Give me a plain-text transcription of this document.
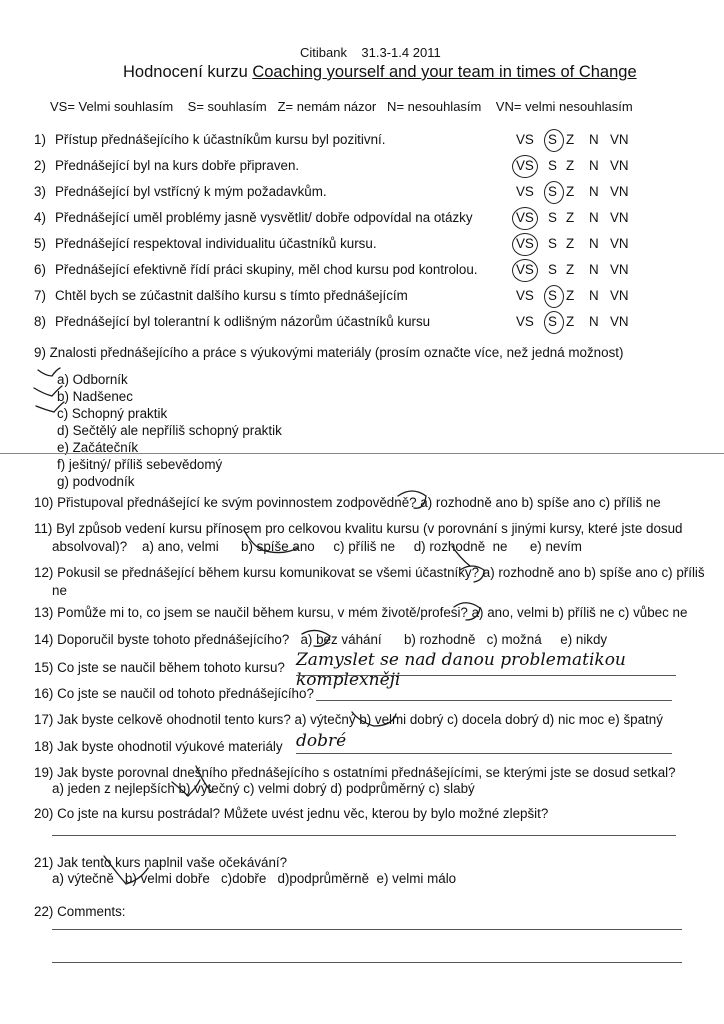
Citibank 31.3-1.4 2011
Hodnocení kurzu Coaching yourself and your team in times of Change
VS= Velmi souhlasím    S= souhlasím   Z= nemám názor   N= nesouhlasím    VN= velmi nesouhlasím
1) Přístup přednášejícího k účastníkům kursu byl pozitivní.	VS S Z N VN
2) Přednášející byl na kurs dobře připraven.	VS S Z N VN
3) Přednášející byl vstřícný k mým požadavkům.	VS S Z N VN
4) Přednášející uměl problémy jasně vysvětlit/ dobře odpovídal na otázky	VS S Z N VN
5) Přednášející respektoval individualitu účastníků kursu.	VS S Z N VN
6) Přednášející efektivně řídí práci skupiny, měl chod kursu pod kontrolou.	VS S Z N VN
7) Chtěl bych se zúčastnit dalšího kursu s tímto přednášejícím	VS S Z N VN
8) Přednášející byl tolerantní k odlišným názorům účastníků kursu	VS S Z N VN
9) Znalosti přednášejícího a práce s výukovými materiály (prosím označte více, než jedná možnost)
a) Odborník
b) Nadšenec
c) Schopný praktik
d) Sečtělý ale nepříliš schopný praktik
e) Začátečník
f) ješitný/ příliš sebevědomý
g) podvodník
10) Přistupoval přednášející ke svým povinnostem zodpovědně? a) rozhodně ano b) spíše ano c) příliš ne
11) Byl způsob vedení kursu přínosem pro celkovou kvalitu kursu (v porovnání s jinými kursy, které jste dosud
absolvoval)?    a) ano, velmi      b) spíše ano     c) příliš ne     d) rozhodně  ne      e) nevím
12) Pokusil se přednášející během kursu komunikovat se všemi účastníky? a) rozhodně ano b) spíše ano c) příliš
ne
13) Pomůže mi to, co jsem se naučil během kursu, v mém životě/profesi? a) ano, velmi b) příliš ne c) vůbec ne
14) Doporučil byste tohoto přednášejícího?   a) bez váhání      b) rozhodně   c) možná     e) nikdy
15) Co jste se naučil během tohoto kursu? Zamyslet se nad danou problematikou komplexněji
16) Co jste se naučil od tohoto přednášejícího?
17) Jak byste celkově ohodnotil tento kurs? a) výtečný b) velmi dobrý c) docela dobrý d) nic moc e) špatný
18) Jak byste ohodnotil výukové materiály dobré
19) Jak byste porovnal dnešního přednášejícího s ostatními přednášejícími, se kterými jste se dosud setkal?
a) jeden z nejlepších b) výtečný c) velmi dobrý d) podprůměrný c) slabý
20) Co jste na kursu postrádal? Můžete uvést jednu věc, kterou by bylo možné zlepšit?
21) Jak tento kurs naplnil vaše očekávání?
a) výtečně   b) velmi dobře   c)dobře   d)podprůměrně  e) velmi málo
22) Comments:
